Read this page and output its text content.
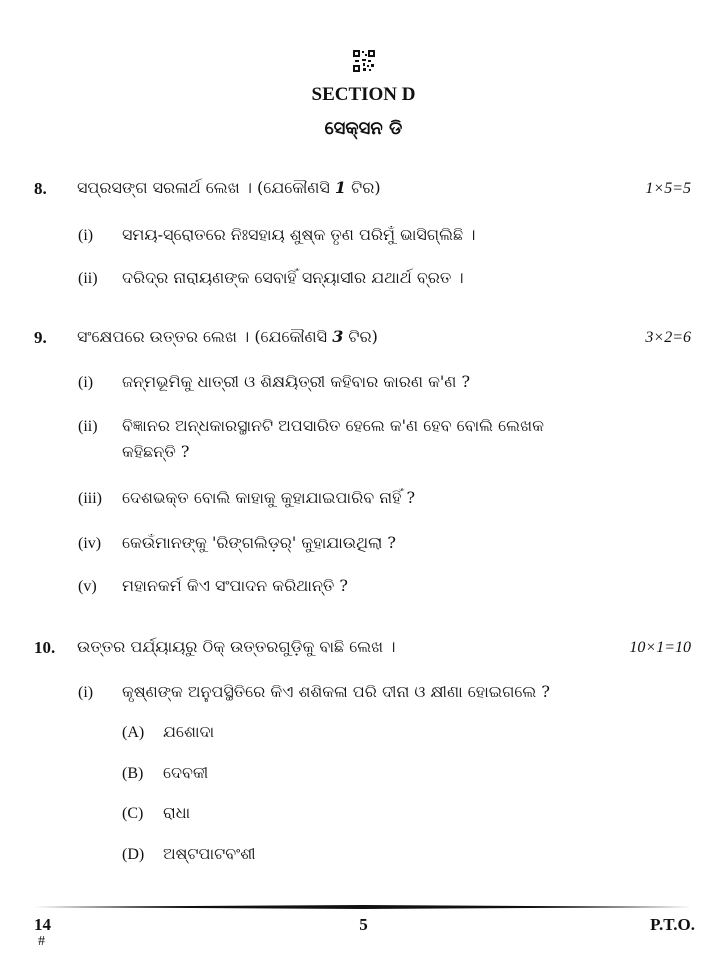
SECTION D
ସେକ୍ସନ ଡି
8. ସପ୍ରସଙ୍ଗ ସରଳାର୍ଥ ଲେଖ । (ଯେକୌଣସି 1 ଟିର)	1×5=5
(i) ସମୟ-ସ୍ରୋତରେ ନିଃସହାୟ ଶୁଷ୍କ ତୃଣ ପରିମୁଁ ଭାସିଗ୍ଲିଛି ।
(ii) ଦରିଦ୍ର ନାରାୟଣଙ୍କ ସେବାହିଁ ସନ୍ୟାସୀର ଯଥାର୍ଥ ବ୍ରତ ।
9. ସଂକ୍ଷେପରେ ଉତ୍ତର ଲେଖ । (ଯେକୌଣସି 3 ଟିର)	3×2=6
(i) ଜନ୍ମଭୂମିକୁ ଧାତ୍ରୀ ଓ ଶିକ୍ଷୟିତ୍ରୀ କହିବାର କାରଣ କ'ଣ ?
(ii) ବିଜ୍ଞାନର ଅନ୍ଧକାରସ୍ଥାନଟି ଅପସାରିତ ହେଲେ କ'ଣ ହେବ ବୋଲି ଲେଖକ
କହିଛନ୍ତି ?
(iii) ଦେଶଭକ୍ତ ବୋଲି କାହାକୁ କୁହାଯାଇପାରିବ ନାହିଁ ?
(iv) କେଉଁମାନଙ୍କୁ 'ରିଙ୍ଗଲିଡ଼ର୍' କୁହାଯାଉଥିଲା ?
(v) ମହାନକର୍ମ କିଏ ସଂପାଦନ କରିଥାନ୍ତି ?
10. ଉତ୍ତର ପର୍ଯ୍ୟାୟରୁ ଠିକ୍ ଉତ୍ତରଗୁଡ଼ିକୁ ବାଛି ଲେଖ ।	10×1=10
(i) କୃଷ୍ଣଙ୍କ ଅନୁପସ୍ଥିତିରେ କିଏ ଶଶିକଳା ପରି ଦୀନା ଓ କ୍ଷୀଣା ହୋଇଗଲେ ?
(A) ଯଶୋଦା
(B) ଦେବକୀ
(C) ରାଧା
(D) ଅଷ୍ଟପାଟବଂଶୀ
14
#
5	P.T.O.
